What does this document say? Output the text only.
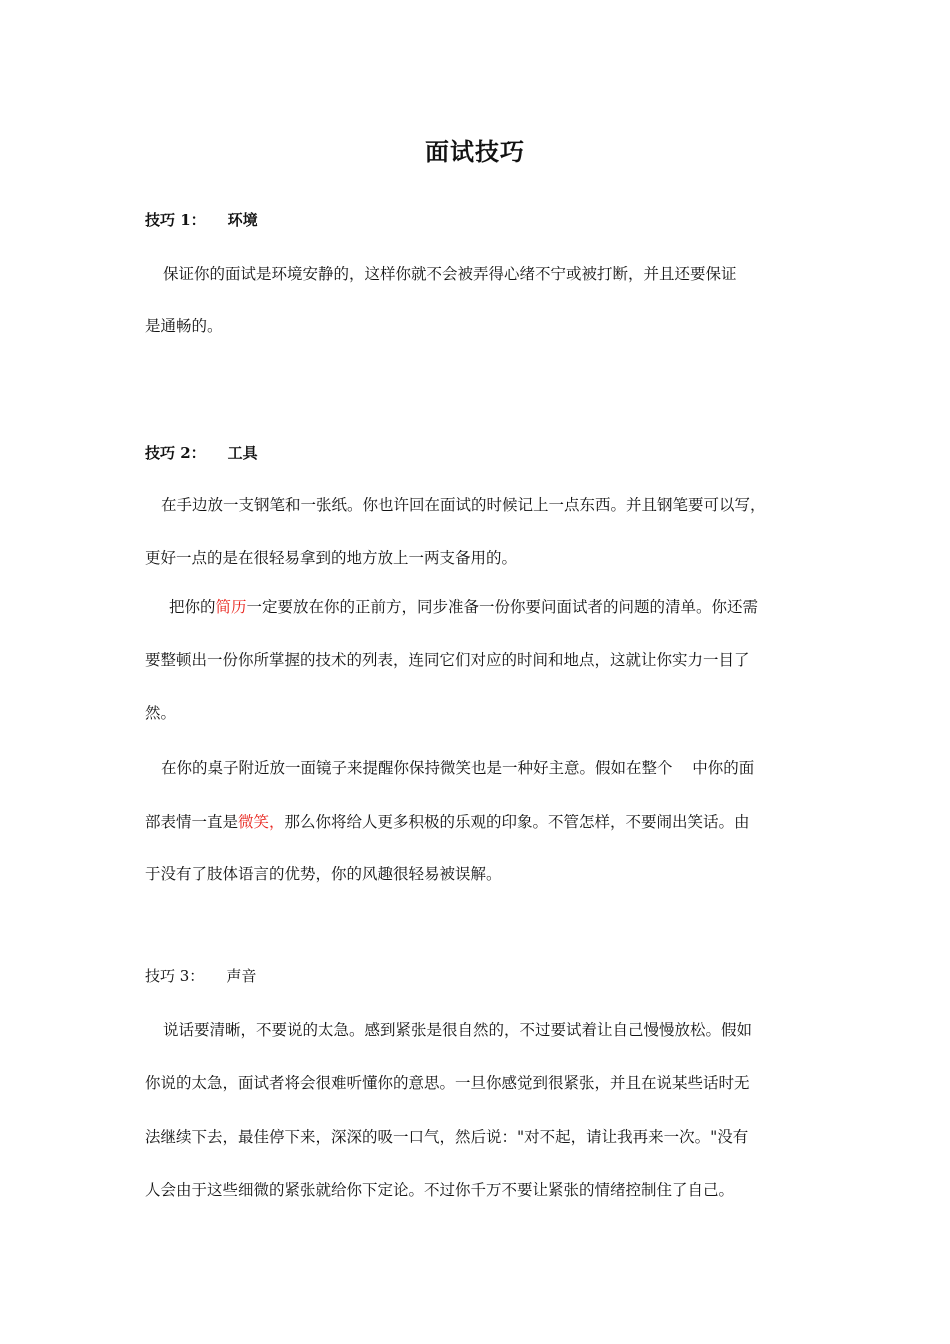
面试技巧
技巧 1： 环境
保证你的面试是环境安静的，这样你就不会被弄得心绪不宁或被打断，并且还要保证
是通畅的。
技巧 2： 工具
在手边放一支钢笔和一张纸。你也许回在面试的时候记上一点东西。并且钢笔要可以写，
更好一点的是在很轻易拿到的地方放上一两支备用的。
把你的简历一定要放在你的正前方，同步准备一份你要问面试者的问题的清单。你还需
要整顿出一份你所掌握的技术的列表，连同它们对应的时间和地点，这就让你实力一目了
然。
在你的桌子附近放一面镜子来提醒你保持微笑也是一种好主意。假如在整个    中你的面
部表情一直是微笑，那么你将给人更多积极的乐观的印象。不管怎样，不要闹出笑话。由
于没有了肢体语言的优势，你的风趣很轻易被误解。
技巧 3： 声音
说话要清晰，不要说的太急。感到紧张是很自然的，不过要试着让自己慢慢放松。假如
你说的太急，面试者将会很难听懂你的意思。一旦你感觉到很紧张，并且在说某些话时无
法继续下去，最佳停下来，深深的吸一口气，然后说："对不起，请让我再来一次。"没有
人会由于这些细微的紧张就给你下定论。不过你千万不要让紧张的情绪控制住了自己。
